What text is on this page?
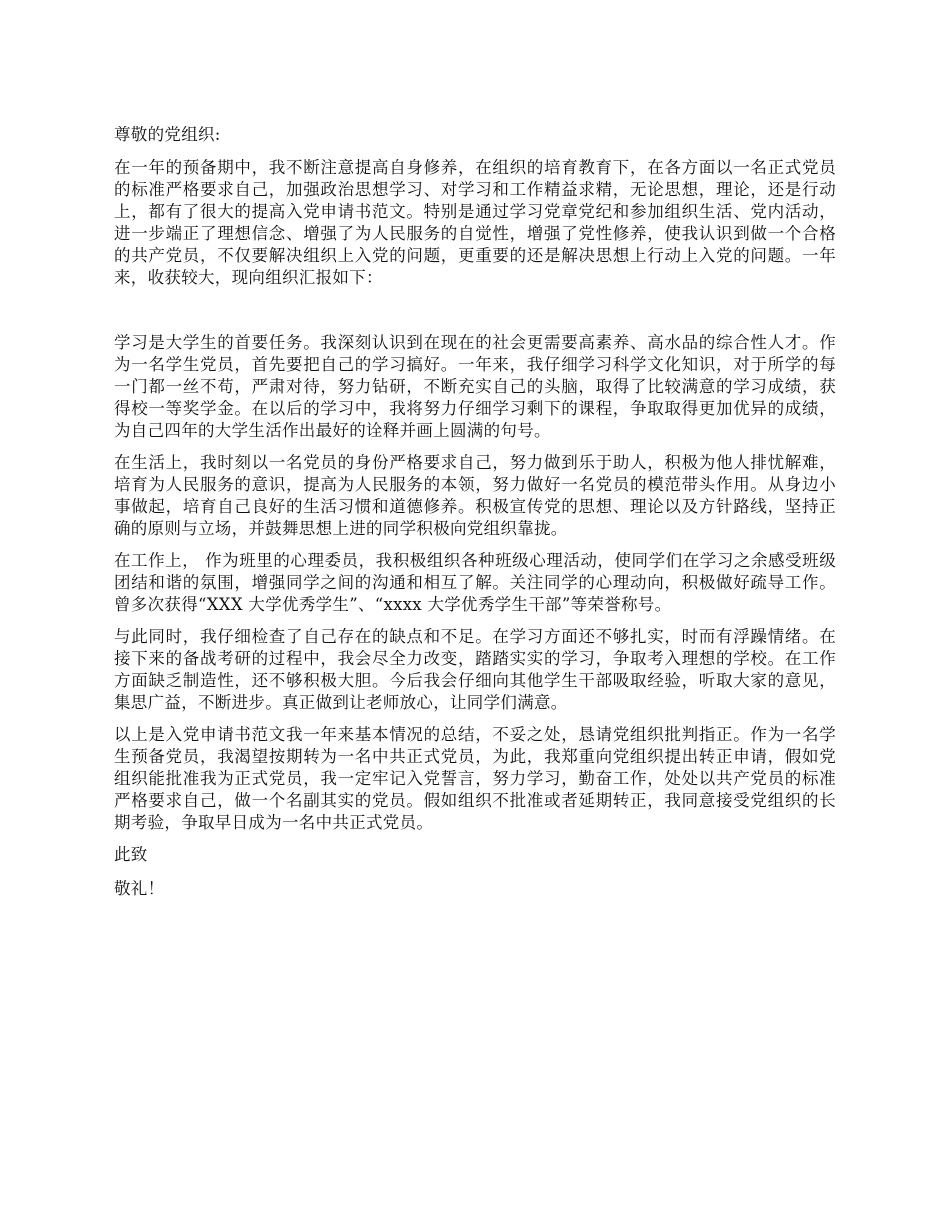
尊敬的党组织:

在一年的预备期中，我不断注意提高自身修养，在组织的培育教育下，在各方面以一名正式党员的标准严格要求自己，加强政治思想学习、对学习和工作精益求精，无论思想，理论，还是行动上，都有了很大的提高入党申请书范文。特别是通过学习党章党纪和参加组织生活、党内活动，进一步端正了理想信念、增强了为人民服务的自觉性，增强了党性修养，使我认识到做一个合格的共产党员，不仅要解决组织上入党的问题，更重要的还是解决思想上行动上入党的问题。一年来，收获较大，现向组织汇报如下：

学习是大学生的首要任务。我深刻认识到在现在的社会更需要高素养、高水品的综合性人才。作为一名学生党员，首先要把自己的学习搞好。一年来，我仔细学习科学文化知识，对于所学的每一门都一丝不苟，严肃对待，努力钻研，不断充实自己的头脑，取得了比较满意的学习成绩，获得校一等奖学金。在以后的学习中，我将努力仔细学习剩下的课程，争取取得更加优异的成绩，为自己四年的大学生活作出最好的诠释并画上圆满的句号。

在生活上，我时刻以一名党员的身份严格要求自己，努力做到乐于助人，积极为他人排忧解难，培育为人民服务的意识，提高为人民服务的本领，努力做好一名党员的模范带头作用。从身边小事做起，培育自己良好的生活习惯和道德修养。积极宣传党的思想、理论以及方针路线，坚持正确的原则与立场，并鼓舞思想上进的同学积极向党组织靠拢。

在工作上， 作为班里的心理委员，我积极组织各种班级心理活动，使同学们在学习之余感受班级团结和谐的氛围，增强同学之间的沟通和相互了解。关注同学的心理动向，积极做好疏导工作。曾多次获得“XXX 大学优秀学生”、“xxxx 大学优秀学生干部”等荣誉称号。

与此同时，我仔细检查了自己存在的缺点和不足。在学习方面还不够扎实，时而有浮躁情绪。在接下来的备战考研的过程中，我会尽全力改变，踏踏实实的学习，争取考入理想的学校。在工作方面缺乏制造性，还不够积极大胆。今后我会仔细向其他学生干部吸取经验，听取大家的意见，集思广益，不断进步。真正做到让老师放心，让同学们满意。

以上是入党申请书范文我一年来基本情况的总结，不妥之处，恳请党组织批判指正。作为一名学生预备党员，我渴望按期转为一名中共正式党员，为此，我郑重向党组织提出转正申请，假如党组织能批准我为正式党员，我一定牢记入党誓言，努力学习，勤奋工作，处处以共产党员的标准严格要求自己，做一个名副其实的党员。假如组织不批准或者延期转正，我同意接受党组织的长期考验，争取早日成为一名中共正式党员。

此致

敬礼！
